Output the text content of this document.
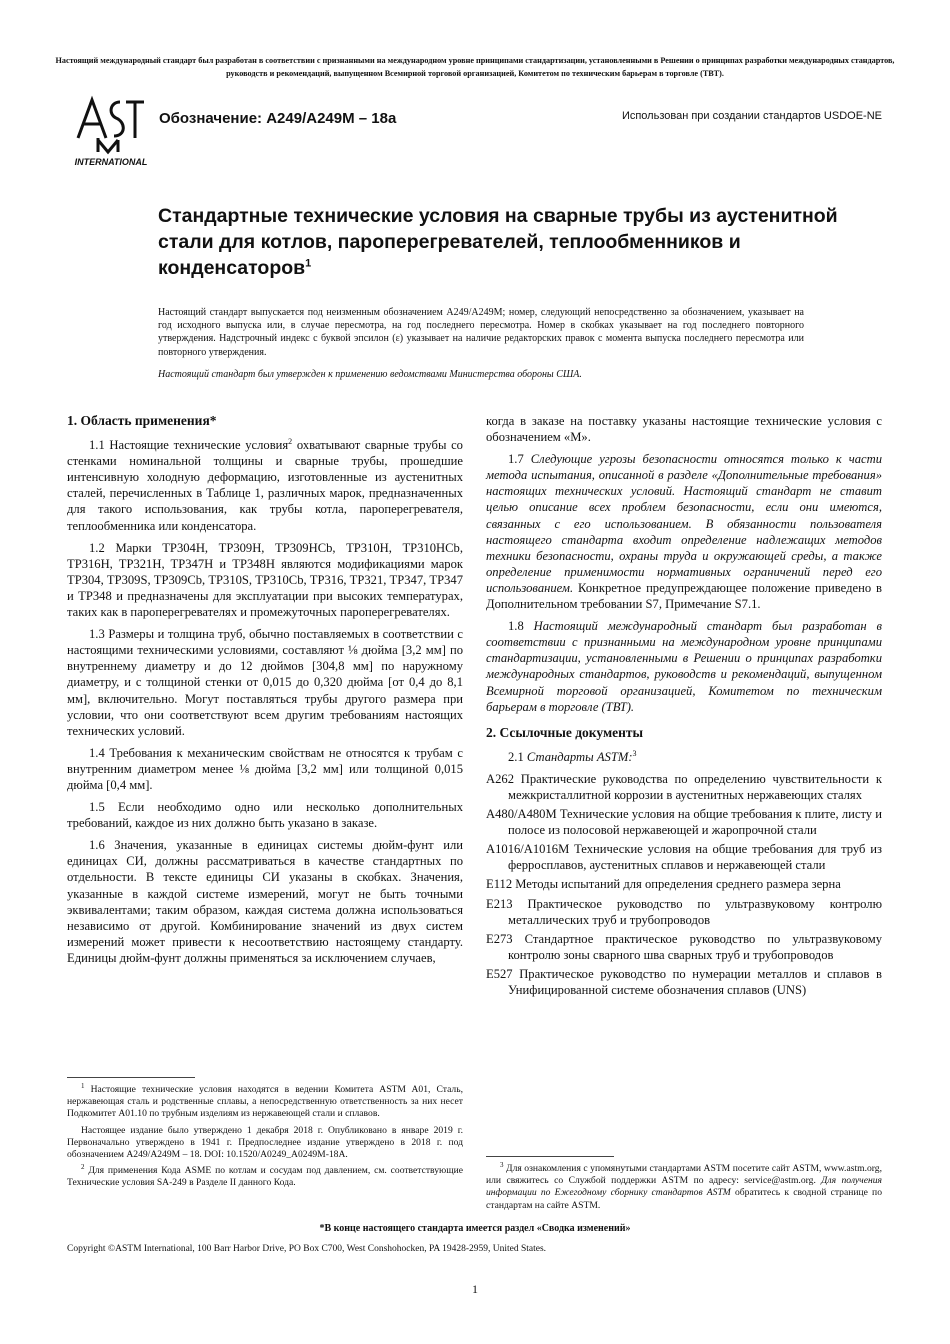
Настоящий международный стандарт был разработан в соответствии с признанными на международном уровне принципами стандартизации, установленными в Решении о принципах разработки международных стандартов, руководств и рекомендаций, выпущенном Всемирной торговой организацией, Комитетом по техническим барьерам в торговле (ТВТ).
INTERNATIONAL
Обозначение: A249/A249M – 18a	Использован при создании стандартов USDOE-NE
Стандартные технические условия на сварные трубы из аустенитной стали для котлов, пароперегревателей, теплообменников и конденсаторов$^1$

Настоящий стандарт выпускается под неизменным обозначением A249/A249M; номер, следующий непосредственно за обозначением, указывает на год исходного выпуска или, в случае пересмотра, на год последнего пересмотра. Номер в скобках указывает на год последнего повторного утверждения. Надстрочный индекс с буквой эпсилон (ε) указывает на наличие редакторских правок с момента выпуска последнего пересмотра или повторного утверждения.

Настоящий стандарт был утвержден к применению ведомствами Министерства обороны США.

1. Область применения*

1.1 Настоящие технические условия$^2$ охватывают сварные трубы со стенками номинальной толщины и сварные трубы, прошедшие интенсивную холодную деформацию, изготовленные из аустенитных сталей, перечисленных в Таблице 1, различных марок, предназначенных для такого использования, как трубы котла, пароперегревателя, теплообменника или конденсатора.

1.2 Марки TP304H, TP309H, TP309HCb, TP310H, TP310HCb, TP316H, TP321H, TP347H и TP348H являются модификациями марок TP304, TP309S, TP309Cb, TP310S, TP310Cb, TP316, TP321, TP347, TP347 и TP348 и предназначены для эксплуатации при высоких температурах, таких как в пароперегревателях и промежуточных пароперегревателях.

1.3 Размеры и толщина труб, обычно поставляемых в соответствии с настоящими техническими условиями, составляют ⅛ дюйма [3,2 мм] по внутреннему диаметру и до 12 дюймов [304,8 мм] по наружному диаметру, и с толщиной стенки от 0,015 до 0,320 дюйма [от 0,4 до 8,1 мм], включительно. Могут поставляться трубы другого размера при условии, что они соответствуют всем другим требованиям настоящих технических условий.

1.4 Требования к механическим свойствам не относятся к трубам с внутренним диаметром менее ⅛ дюйма [3,2 мм] или толщиной 0,015 дюйма [0,4 мм].

1.5 Если необходимо одно или несколько дополнительных требований, каждое из них должно быть указано в заказе.

1.6 Значения, указанные в единицах системы дюйм-фунт или единицах СИ, должны рассматриваться в качестве стандартных по отдельности. В тексте единицы СИ указаны в скобках. Значения, указанные в каждой системе измерений, могут не быть точными эквивалентами; таким образом, каждая система должна использоваться независимо от другой. Комбинирование значений из двух систем измерений может привести к несоответствию настоящему стандарту. Единицы дюйм-фунт должны применяться за исключением случаев,

$^1$ Настоящие технические условия находятся в ведении Комитета ASTM A01, Сталь, нержавеющая сталь и родственные сплавы, а непосредственную ответственность за них несет Подкомитет A01.10 по трубным изделиям из нержавеющей стали и сплавов.

Настоящее издание было утверждено 1 декабря 2018 г. Опубликовано в январе 2019 г. Первоначально утверждено в 1941 г. Предпоследнее издание утверждено в 2018 г. под обозначением A249/A249M – 18. DOI: 10.1520/A0249_A0249M-18A.

$^2$ Для применения Кода ASME по котлам и сосудам под давлением, см. соответствующие Технические условия SA-249 в Разделе II данного Кода.

когда в заказе на поставку указаны настоящие технические условия с обозначением «М».

1.7 Следующие угрозы безопасности относятся только к части метода испытания, описанной в разделе «Дополнительные требования» настоящих технических условий. Настоящий стандарт не ставит целью описание всех проблем безопасности, если они имеются, связанных с его использованием. В обязанности пользователя настоящего стандарта входит определение надлежащих методов техники безопасности, охраны труда и окружающей среды, а также определение применимости нормативных ограничений перед его использованием. Конкретное предупреждающее положение приведено в Дополнительном требовании S7, Примечание S7.1.

1.8 Настоящий международный стандарт был разработан в соответствии с признанными на международном уровне принципами стандартизации, установленными в Решении о принципах разработки международных стандартов, руководств и рекомендаций, выпущенном Всемирной торговой организацией, Комитетом по техническим барьерам в торговле (ТВТ).

2. Ссылочные документы

2.1 Стандарты ASTM:$^3$

A262 Практические руководства по определению чувствительности к межкристаллитной коррозии в аустенитных нержавеющих сталях

A480/A480M Технические условия на общие требования к плите, листу и полосе из полосовой нержавеющей и жаропрочной стали

A1016/A1016M Технические условия на общие требования для труб из ферросплавов, аустенитных сплавов и нержавеющей стали

E112 Методы испытаний для определения среднего размера зерна

E213 Практическое руководство по ультразвуковому контролю металлических труб и трубопроводов

E273 Стандартное практическое руководство по ультразвуковому контролю зоны сварного шва сварных труб и трубопроводов

E527 Практическое руководство по нумерации металлов и сплавов в Унифицированной системе обозначения сплавов (UNS)

$^3$ Для ознакомления с упомянутыми стандартами ASTM посетите сайт ASTM, www.astm.org, или свяжитесь со Службой поддержки ASTM по адресу: service@astm.org. Для получения информации по Ежегодному сборнику стандартов ASTM обратитесь к сводной странице по стандартам на сайте ASTM.

*В конце настоящего стандарта имеется раздел «Сводка изменений»
Copyright ©ASTM International, 100 Barr Harbor Drive, PO Box C700, West Conshohocken, PA 19428-2959, United States.
1
